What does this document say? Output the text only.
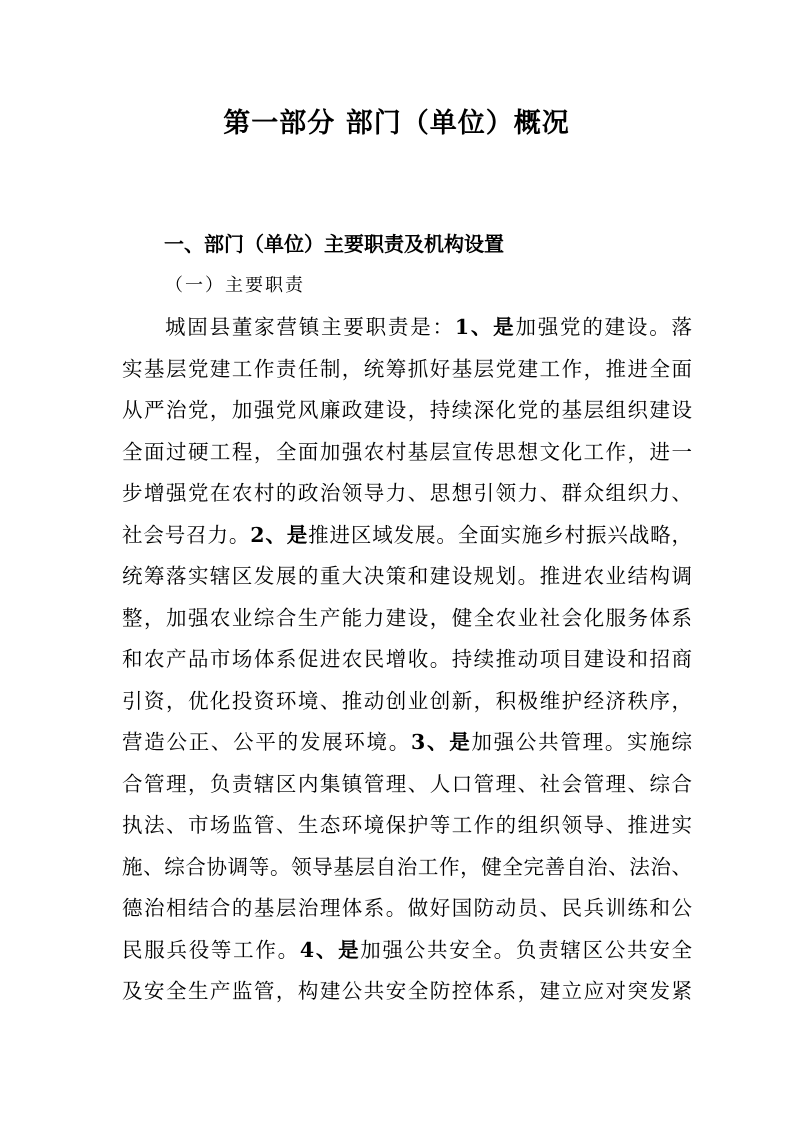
第一部分 部门（单位）概况
一、部门（单位）主要职责及机构设置
（一）主要职责
城固县董家营镇主要职责是：1、是加强党的建设。落
实基层党建工作责任制，统筹抓好基层党建工作，推进全面
从严治党，加强党风廉政建设，持续深化党的基层组织建设
全面过硬工程，全面加强农村基层宣传思想文化工作，进一
步增强党在农村的政治领导力、思想引领力、群众组织力、
社会号召力。2、是推进区域发展。全面实施乡村振兴战略，
统筹落实辖区发展的重大决策和建设规划。推进农业结构调
整，加强农业综合生产能力建设，健全农业社会化服务体系
和农产品市场体系促进农民增收。持续推动项目建设和招商
引资，优化投资环境、推动创业创新，积极维护经济秩序，
营造公正、公平的发展环境。3、是加强公共管理。实施综
合管理，负责辖区内集镇管理、人口管理、社会管理、综合
执法、市场监管、生态环境保护等工作的组织领导、推进实
施、综合协调等。领导基层自治工作，健全完善自治、法治、
德治相结合的基层治理体系。做好国防动员、民兵训练和公
民服兵役等工作。4、是加强公共安全。负责辖区公共安全
及安全生产监管，构建公共安全防控体系，建立应对突发紧
